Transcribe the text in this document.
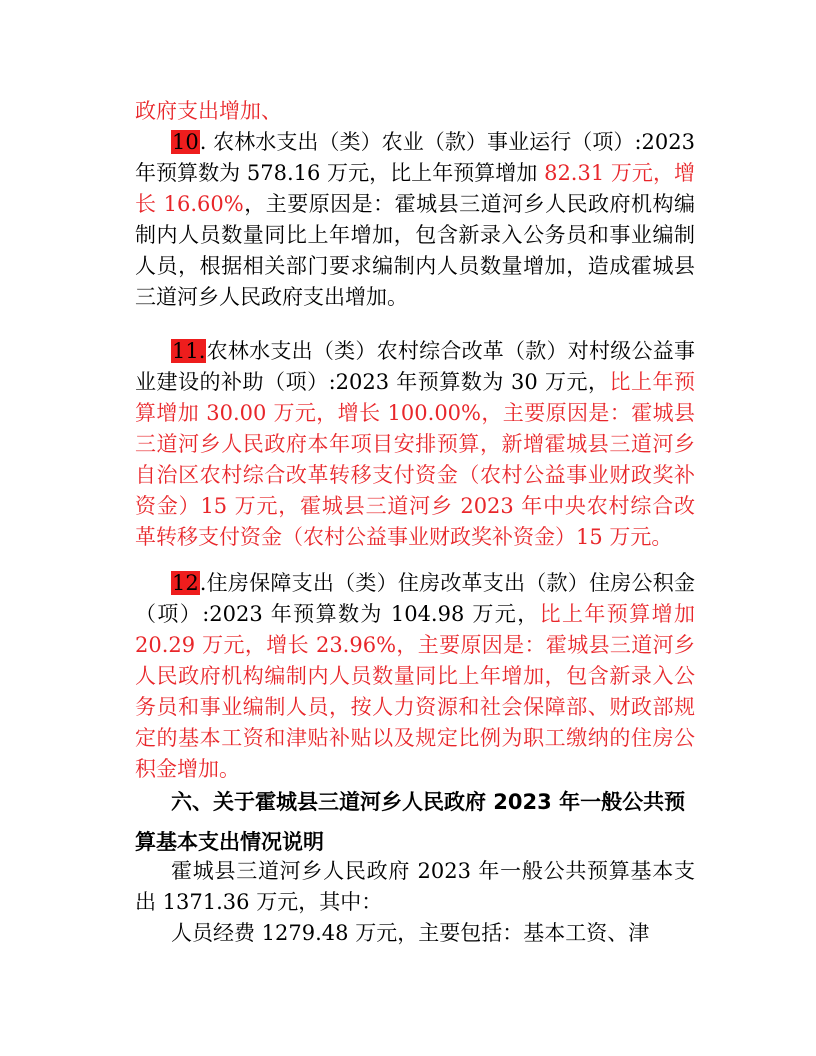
政府支出增加、

10. 农林水支出（类）农业（款）事业运行（项）:2023 年预算数为 578.16 万元，比上年预算增加 82.31 万元，增长 16.60%，主要原因是：霍城县三道河乡人民政府机构编制内人员数量同比上年增加，包含新录入公务员和事业编制人员，根据相关部门要求编制内人员数量增加，造成霍城县三道河乡人民政府支出增加。

11.农林水支出（类）农村综合改革（款）对村级公益事业建设的补助（项）:2023 年预算数为 30 万元，比上年预算增加 30.00 万元，增长 100.00%，主要原因是：霍城县三道河乡人民政府本年项目安排预算，新增霍城县三道河乡自治区农村综合改革转移支付资金（农村公益事业财政奖补资金）15 万元，霍城县三道河乡 2023 年中央农村综合改革转移支付资金（农村公益事业财政奖补资金）15 万元。

12.住房保障支出（类）住房改革支出（款）住房公积金（项）:2023 年预算数为 104.98 万元，比上年预算增加 20.29 万元，增长 23.96%，主要原因是：霍城县三道河乡人民政府机构编制内人员数量同比上年增加，包含新录入公务员和事业编制人员，按人力资源和社会保障部、财政部规定的基本工资和津贴补贴以及规定比例为职工缴纳的住房公积金增加。

六、关于霍城县三道河乡人民政府 2023 年一般公共预算基本支出情况说明

霍城县三道河乡人民政府 2023 年一般公共预算基本支出 1371.36 万元，其中：

人员经费 1279.48 万元，主要包括：基本工资、津
